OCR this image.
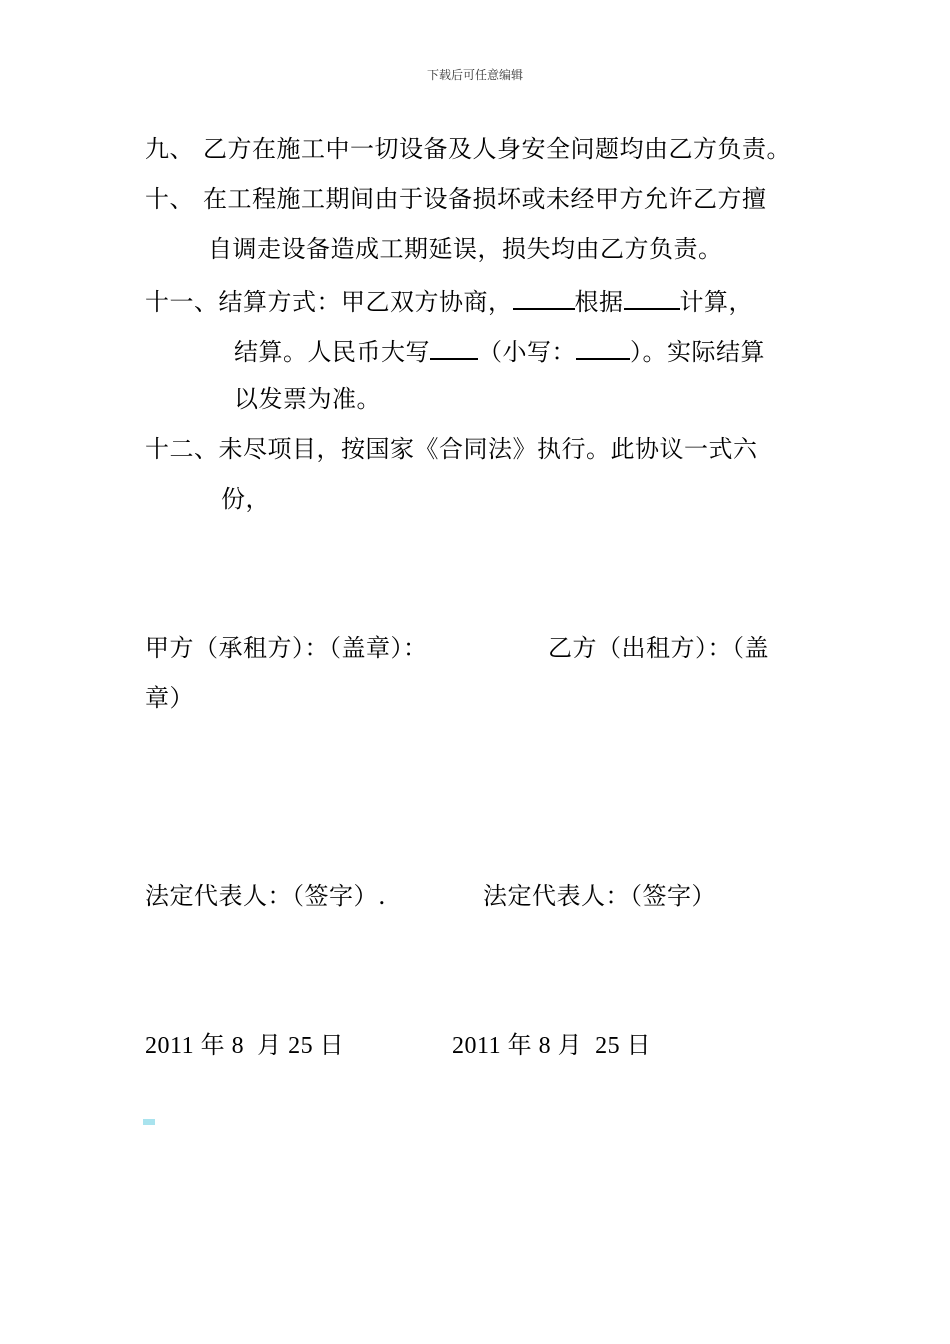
下载后可任意编辑
九、 乙方在施工中一切设备及人身安全问题均由乙方负责。
十、 在工程施工期间由于设备损坏或未经甲方允许乙方擅
自调走设备造成工期延误，损失均由乙方负责。
十一、结算方式：甲乙双方协商，	根据 计算，
结算。人民币大写 （小写： ）。实际结算
以发票为准。
十二、未尽项目，按国家《合同法》执行。此协议一式六
份，
甲方（承租方）：（盖章）：	乙方（出租方）：（盖
章）
法定代表人：（签字）.	法定代表人：（签字）
2011 年 8  月 25 日	2011 年 8 月  25 日
